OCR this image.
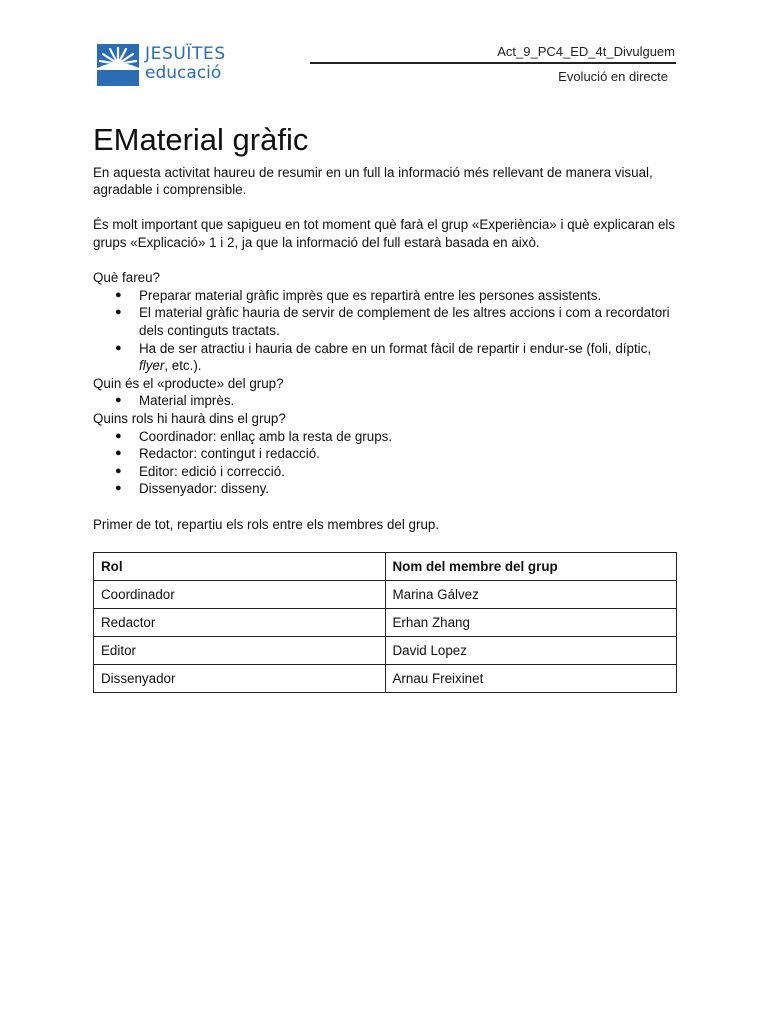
JESUÏTES
educació
Act_9_PC4_ED_4t_Divulguem
Evolució en directe
EMaterial gràfic

En aquesta activitat haureu de resumir en un full la informació més rellevant de manera visual, agradable i comprensible.

És molt important que sapigueu en tot moment què farà el grup «Experiència» i què explicaran els grups «Explicació» 1 i 2, ja que la informació del full estarà basada en això.

Què fareu?

● Preparar material gràfic imprès que es repartirà entre les persones assistents.
● El material gràfic hauria de servir de complement de les altres accions i com a recordatori dels continguts tractats.
● Ha de ser atractiu i hauria de cabre en un format fàcil de repartir i endur-se (foli, díptic, flyer, etc.).

Quin és el «producte» del grup?

● Material imprès.

Quins rols hi haurà dins el grup?

● Coordinador: enllaç amb la resta de grups.
● Redactor: contingut i redacció.
● Editor: edició i correcció.
● Dissenyador: disseny.

Primer de tot, repartiu els rols entre els membres del grup.

Rol	Nom del membre del grup
Coordinador	Marina Gálvez
Redactor	Erhan Zhang
Editor	David Lopez
Dissenyador	Arnau Freixinet
